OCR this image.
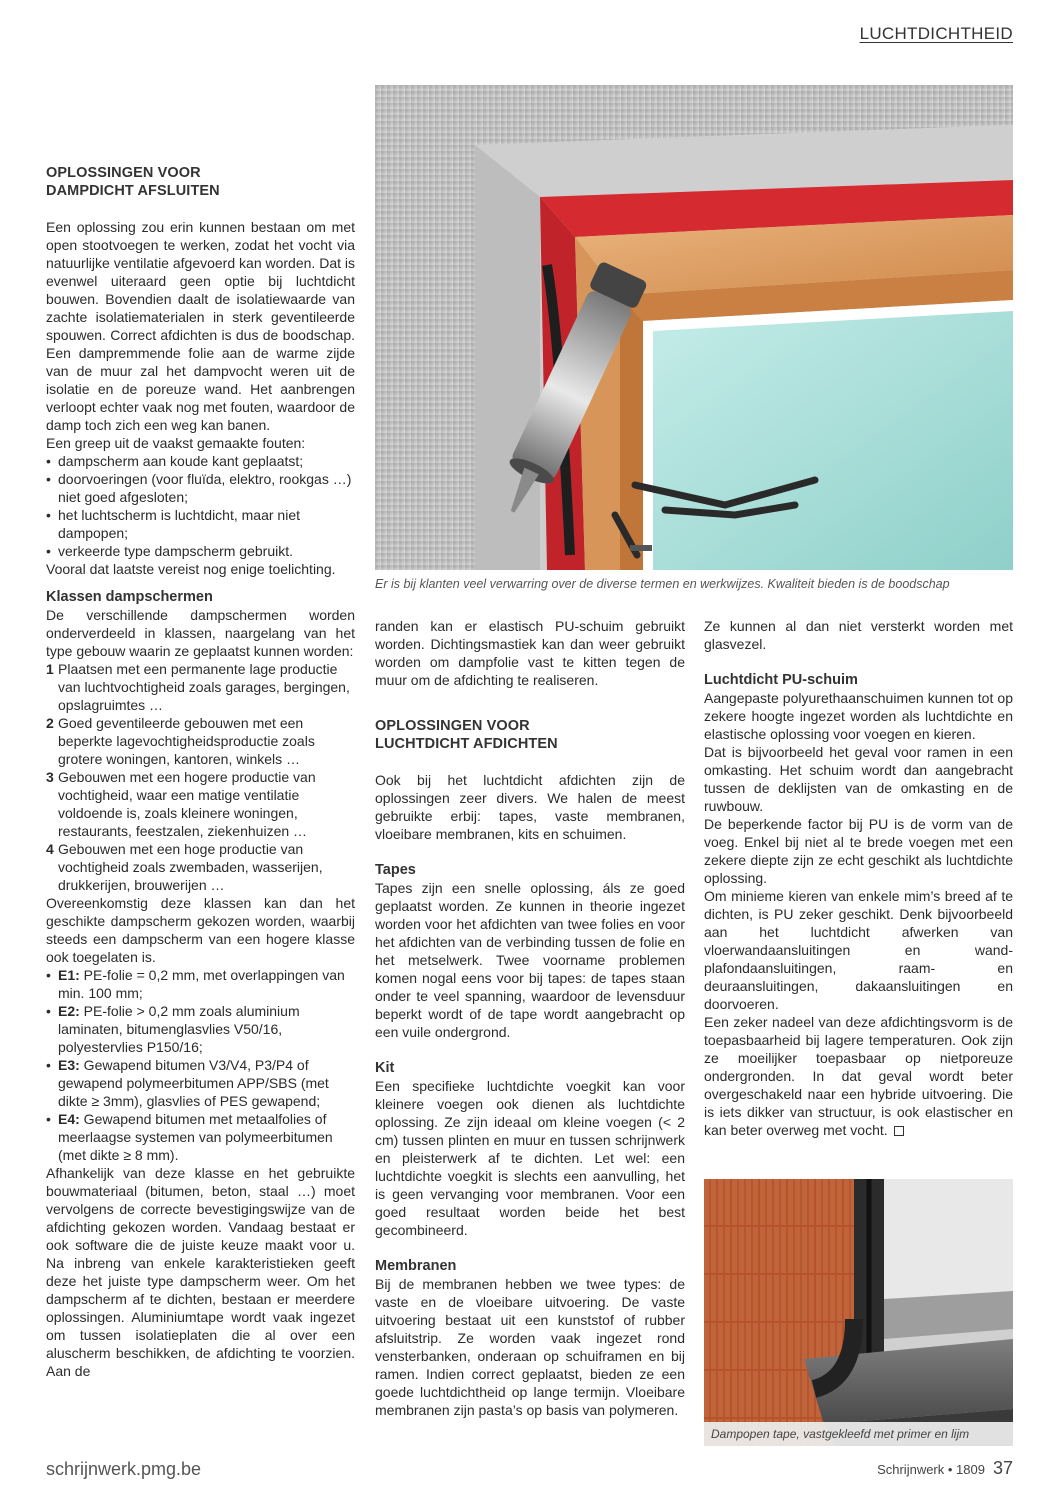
LUCHTDICHTHEID
Er is bij klanten veel verwarring over de diverse termen en werkwijzes. Kwaliteit bieden is de boodschap
OPLOSSINGEN VOOR
DAMPDICHT AFSLUITEN

Een oplossing zou erin kunnen bestaan om met open stootvoegen te werken, zodat het vocht via natuurlijke ventilatie afgevoerd kan worden. Dat is evenwel uiteraard geen optie bij luchtdicht bouwen. Bovendien daalt de isolatiewaarde van zachte isolatiematerialen in sterk geventileerde spouwen. Correct afdichten is dus de boodschap. Een dampremmende folie aan de warme zijde van de muur zal het dampvocht weren uit de isolatie en de poreuze wand. Het aanbrengen verloopt echter vaak nog met fouten, waardoor de damp toch zich een weg kan banen.

Een greep uit de vaakst gemaakte fouten:

• dampscherm aan koude kant geplaatst;
• doorvoeringen (voor fluïda, elektro, rookgas …) niet goed afgesloten;
• het luchtscherm is luchtdicht, maar niet dampopen;
• verkeerde type dampscherm gebruikt.

Vooral dat laatste vereist nog enige toelichting.

Klassen dampschermen

De verschillende dampschermen worden onderverdeeld in klassen, naargelang van het type gebouw waarin ze geplaatst kunnen worden:

1 Plaatsen met een permanente lage productie van luchtvochtigheid zoals garages, bergingen, opslagruimtes …
2 Goed geventileerde gebouwen met een beperkte lagevochtigheidsproductie zoals grotere woningen, kantoren, winkels …
3 Gebouwen met een hogere productie van vochtigheid, waar een matige ventilatie voldoende is, zoals kleinere woningen, restaurants, feestzalen, ziekenhuizen …
4 Gebouwen met een hoge productie van vochtigheid zoals zwembaden, wasserijen, drukkerijen, brouwerijen …

Overeenkomstig deze klassen kan dan het geschikte dampscherm gekozen worden, waarbij steeds een dampscherm van een hogere klasse ook toegelaten is.

• E1: PE-folie = 0,2 mm, met overlappingen van min. 100 mm;
• E2: PE-folie > 0,2 mm zoals aluminium laminaten, bitumenglasvlies V50/16, polyestervlies P150/16;
• E3: Gewapend bitumen V3/V4, P3/P4 of gewapend polymeerbitumen APP/SBS (met dikte ≥ 3mm), glasvlies of PES gewapend;
• E4: Gewapend bitumen met metaalfolies of meerlaagse systemen van polymeerbitumen (met dikte ≥ 8 mm).

Afhankelijk van deze klasse en het gebruikte bouwmateriaal (bitumen, beton, staal …) moet vervolgens de correcte bevestigingswijze van de afdichting gekozen worden. Vandaag bestaat er ook software die de juiste keuze maakt voor u. Na inbreng van enkele karakteristieken geeft deze het juiste type dampscherm weer. Om het dampscherm af te dichten, bestaan er meerdere oplossingen. Aluminiumtape wordt vaak ingezet om tussen isolatieplaten die al over een aluscherm beschikken, de afdichting te voorzien. Aan de

randen kan er elastisch PU-schuim gebruikt worden. Dichtingsmastiek kan dan weer gebruikt worden om dampfolie vast te kitten tegen de muur om de afdichting te realiseren.

OPLOSSINGEN VOOR
LUCHTDICHT AFDICHTEN

Ook bij het luchtdicht afdichten zijn de oplossingen zeer divers. We halen de meest gebruikte erbij: tapes, vaste membranen, vloeibare membranen, kits en schuimen.

Tapes

Tapes zijn een snelle oplossing, áls ze goed geplaatst worden. Ze kunnen in theorie ingezet worden voor het afdichten van twee folies en voor het afdichten van de verbinding tussen de folie en het metselwerk. Twee voorname problemen komen nogal eens voor bij tapes: de tapes staan onder te veel spanning, waardoor de levensduur beperkt wordt of de tape wordt aangebracht op een vuile ondergrond.

Kit

Een specifieke luchtdichte voegkit kan voor kleinere voegen ook dienen als luchtdichte oplossing. Ze zijn ideaal om kleine voegen (< 2 cm) tussen plinten en muur en tussen schrijnwerk en pleisterwerk af te dichten. Let wel: een luchtdichte voegkit is slechts een aanvulling, het is geen vervanging voor membranen. Voor een goed resultaat worden beide het best gecombineerd.

Membranen

Bij de membranen hebben we twee types: de vaste en de vloeibare uitvoering. De vaste uitvoering bestaat uit een kunststof of rubber afsluitstrip. Ze worden vaak ingezet rond vensterbanken, onderaan op schuiframen en bij ramen. Indien correct geplaatst, bieden ze een goede luchtdichtheid op lange termijn. Vloeibare membranen zijn pasta’s op basis van polymeren.

Ze kunnen al dan niet versterkt worden met glasvezel.

Luchtdicht PU-schuim

Aangepaste polyurethaanschuimen kunnen tot op zekere hoogte ingezet worden als luchtdichte en elastische oplossing voor voegen en kieren.

Dat is bijvoorbeeld het geval voor ramen in een omkasting. Het schuim wordt dan aangebracht tussen de deklijsten van de omkasting en de ruwbouw.

De beperkende factor bij PU is de vorm van de voeg. Enkel bij niet al te brede voegen met een zekere diepte zijn ze echt geschikt als luchtdichte oplossing.

Om minieme kieren van enkele mim’s breed af te dichten, is PU zeker geschikt. Denk bijvoorbeeld aan het luchtdicht afwerken van vloerwandaansluitingen en wand-plafondaansluitingen, raam- en deuraansluitingen, dakaansluitingen en doorvoeren.

Een zeker nadeel van deze afdichtingsvorm is de toepasbaarheid bij lagere temperaturen. Ook zijn ze moeilijker toepasbaar op nietporeuze ondergronden. In dat geval wordt beter overgeschakeld naar een hybride uitvoering. Die is iets dikker van structuur, is ook elastischer en kan beter overweg met vocht.

Dampopen tape, vastgekleefd met primer en lijm
schrijnwerk.pmg.be	Schrijnwerk • 1809 37
